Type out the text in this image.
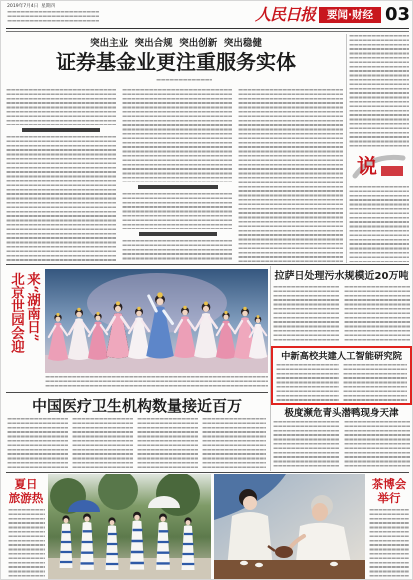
2019年7月4日  星期四	人民日报	要闻·财经 03
突出主业  突出合规  突出创新  突出稳健
证券基金业更注重服务实体
说
北京世园会迎来“湖南日”	拉萨日处理污水规模近20万吨
中新高校共建人工智能研究院
极度濒危青头潜鸭现身天津
中国医疗卫生机构数量接近百万
夏日
旅游热
茶博会
举行
